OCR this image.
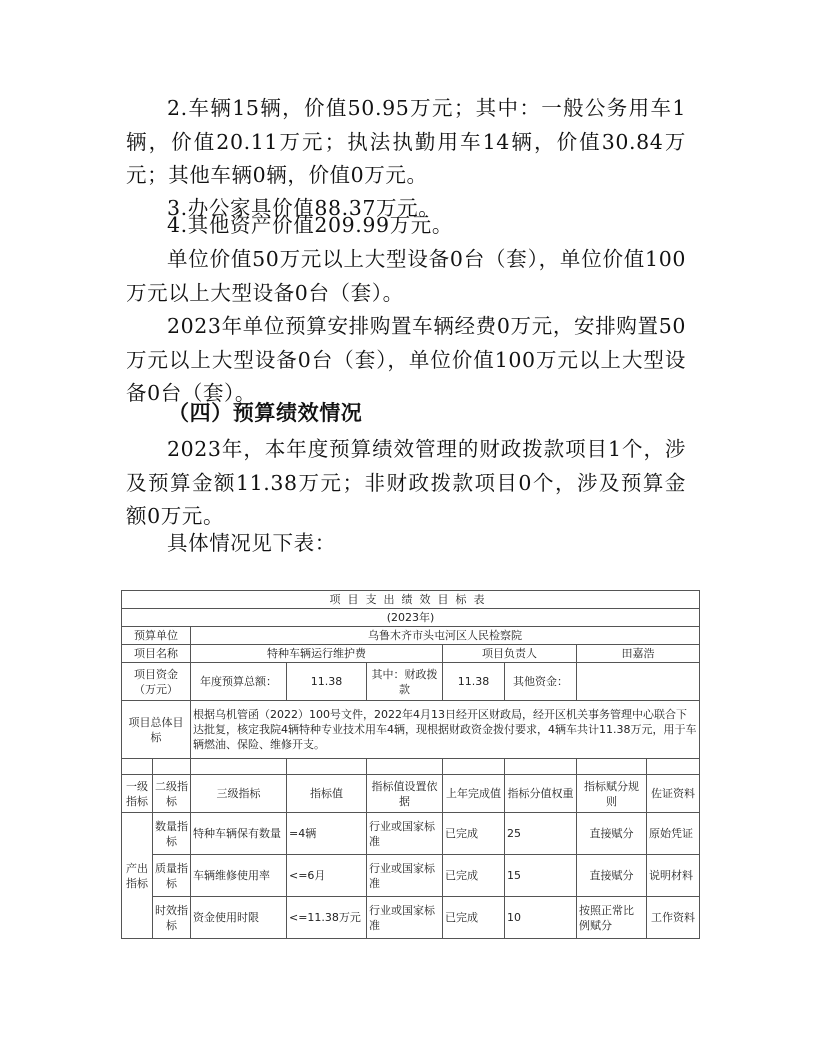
2.车辆15辆，价值50.95万元；其中：一般公务用车1辆，价值20.11万元；执法执勤用车14辆，价值30.84万元；其他车辆0辆，价值0万元。

3.办公家具价值88.37万元。

4.其他资产价值209.99万元。

单位价值50万元以上大型设备0台（套），单位价值100万元以上大型设备0台（套）。

2023年单位预算安排购置车辆经费0万元，安排购置50万元以上大型设备0台（套），单位价值100万元以上大型设备0台（套）。

（四）预算绩效情况

2023年，本年度预算绩效管理的财政拨款项目1个，涉及预算金额11.38万元；非财政拨款项目0个，涉及预算金额0万元。

具体情况见下表：

项目支出绩效目标表								
(2023年)								
预算单位		乌鲁木齐市头屯河区人民检察院						
项目名称		特种车辆运行维护费			项目负责人		田嘉浩	
项目资金（万元）		年度预算总额：	11.38	其中：财政拨款	11.38	其他资金：		
项目总体目标		根据乌机管函（2022）100号文件，2022年4月13日经开区财政局，经开区机关事务管理中心联合下达批复，核定我院4辆特种专业技术用车4辆，现根据财政资金拨付要求，4辆车共计11.38万元，用于车辆燃油、保险、维修开支。						

一级指标	二级指标	三级指标	指标值	指标值设置依据	上年完成值	指标分值权重	指标赋分规则	佐证资料
产出指标	数量指标	特种车辆保有数量	=4辆	行业或国家标准	已完成	25	直接赋分	原始凭证
	质量指标	车辆维修使用率	<=6月	行业或国家标准	已完成	15	直接赋分	说明材料
	时效指标	资金使用时限	<=11.38万元	行业或国家标准	已完成	10	按照正常比例赋分	工作资料
